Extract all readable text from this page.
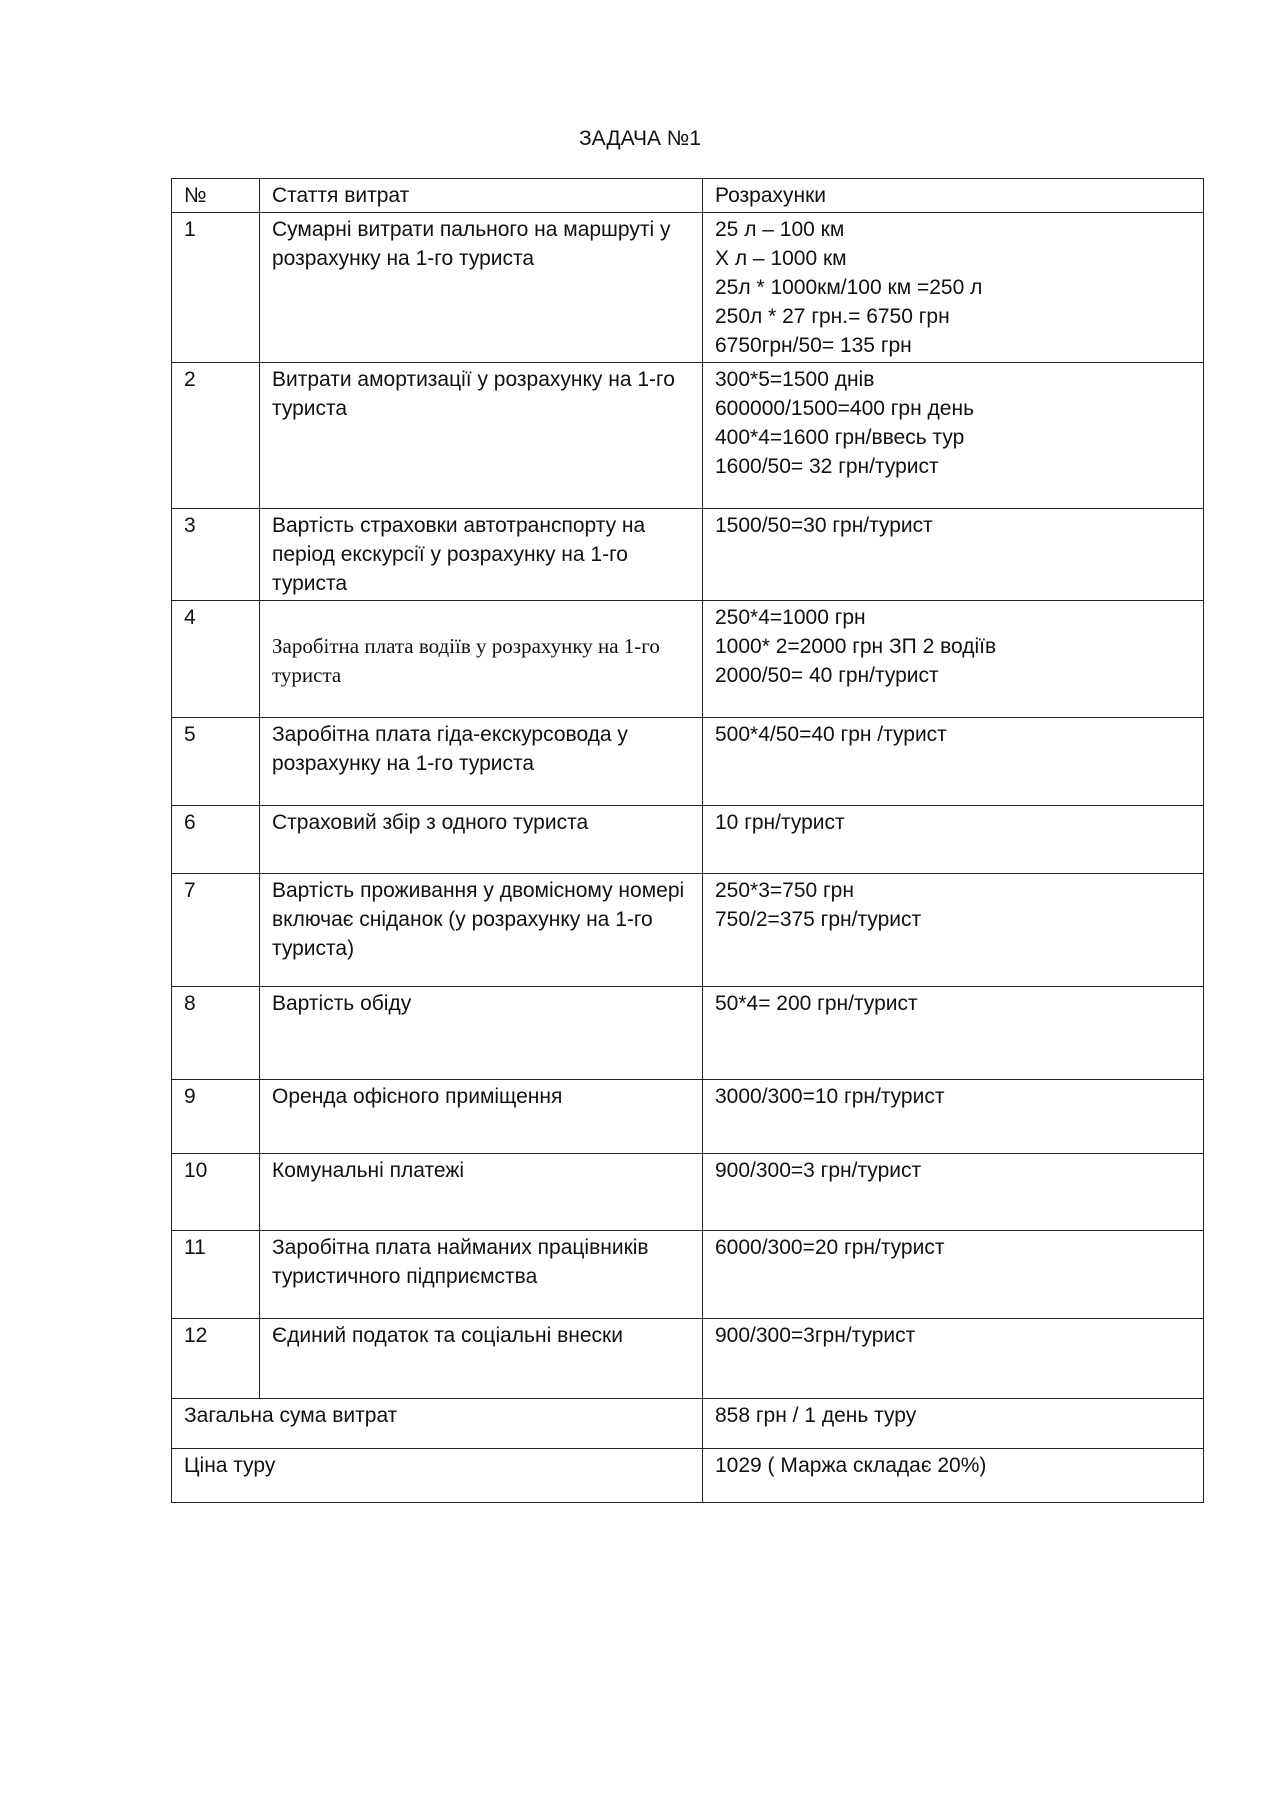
ЗАДАЧА №1
№	Стаття витрат	Розрахунки
1	Сумарні витрати пального на маршруті у розрахунку на 1-го туриста	25 л – 100 км
Х л – 1000 км
25л * 1000км/100 км =250 л
250л * 27 грн.= 6750 грн
6750грн/50= 135 грн

2	Витрати амортизації у розрахунку на 1-го туриста	300*5=1500 днів
600000/1500=400 грн день
400*4=1600 грн/ввесь тур
1600/50= 32 грн/турист

3	Вартість страховки автотранспорту на період екскурсії у розрахунку на 1-го туриста	1500/50=30 грн/турист

4	Заробітна плата водіїв у розрахунку на 1-го туриста	250*4=1000 грн
1000* 2=2000 грн ЗП 2 водіїв
2000/50= 40 грн/турист

5	Заробітна плата гіда-екскурсовода у розрахунку на 1-го туриста	500*4/50=40 грн /турист

6	Страховий збір з одного туриста	10 грн/турист

7	Вартість проживання у двомісному номері включає сніданок (у розрахунку на 1-го туриста)	250*3=750 грн
750/2=375 грн/турист

8	Вартість обіду	50*4= 200 грн/турист

9	Оренда офісного приміщення	3000/300=10 грн/турист

10	Комунальні платежі	900/300=3 грн/турист

11	Заробітна плата найманих працівників туристичного підприємства	6000/300=20 грн/турист

12	Єдиний податок та соціальні внески	900/300=3грн/турист

Загальна сума витрат		858 грн / 1 день туру
Ціна туру		1029 ( Маржа складає 20%)
